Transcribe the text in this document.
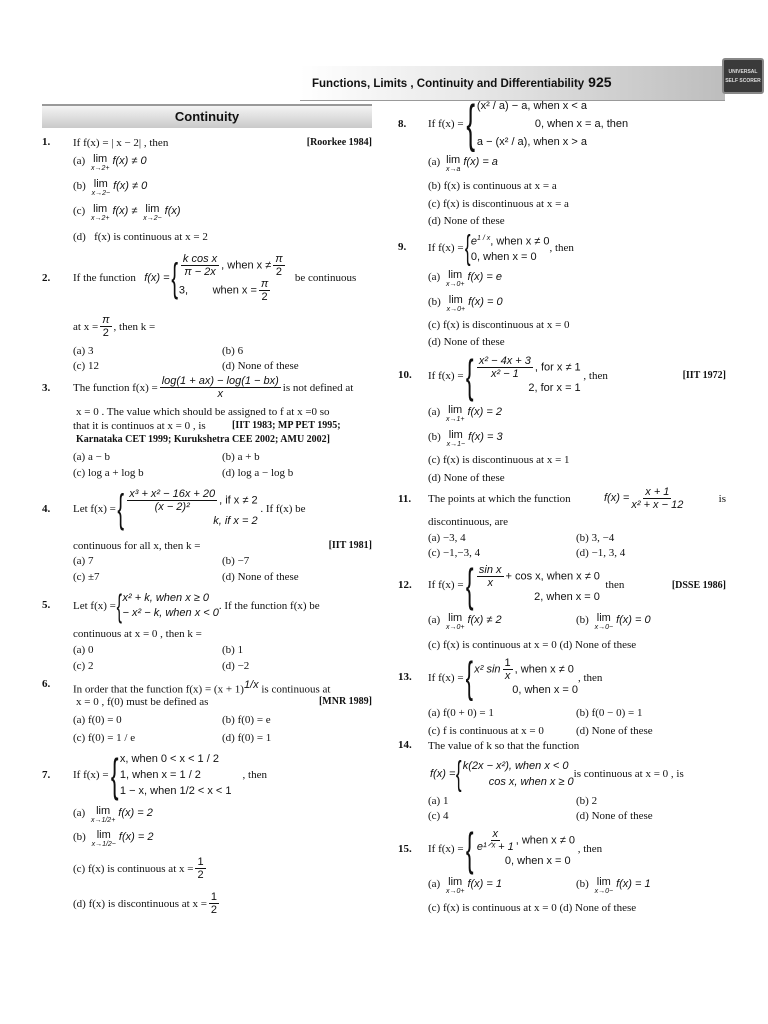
Functions, Limits , Continuity and Differentiability 925
UNIVERSAL
SELF SCORER
Continuity
1. If f(x) = | x − 2| , then	[Roorkee 1984]
(a) lim
x→2+
f(x) ≠ 0
(b) lim
x→2−
f(x) ≠ 0
(c) lim
x→2+
f(x) ≠ lim
x→2−
f(x)
(d) f(x) is continuous at x = 2
2. If the function
f(x) = { $\frac{\text{k cos x}}{\pi - 2x}$ , when $x \ne \frac{\pi}{2}$
3, when $x = \frac{\pi}{2}$
be continuous
at $x = \frac{\pi}{2}$ , then k =
(a) 3	(b) 6
(c) 12	(d) None of these
3. The function $f(x) = \frac{\log(1 + ax) - \log(1 - bx)}{x}$ is not defined at
x = 0 . The value which should be assigned to f at x =0 so
that it is continuos at x = 0 , is	[IIT 1983; MP PET 1995;
Karnataka CET 1999; Kurukshetra CEE 2002; AMU 2002]
(a) a − b	(b) a + b
(c) log a + log b	(d) log a − log b
4. Let f(x) = { $\frac{\text{x³ + x² − 16x + 20}}{\text{(x − 2)²}}$ , if x ≠ 2
k, if x = 2

. If f(x) be
continuous for all x, then k =	[IIT 1981]
(a) 7	(b) −7
(c) ±7	(d) None of these
5. Let f(x) = { x² + k, when x ≥ 0
− x² − k, when x < 0
. If the function f(x) be
continuous at x = 0 , then k =
(a) 0	(b) 1
(c) 2	(d) −2
6. In order that the function $f(x) = (x + 1)^{1/x}$ is continuous at
x = 0 , f(0) must be defined as	[MNR 1989]
(a) f(0) = 0	(b) f(0) = e
(c) f(0) = 1 / e	(d) f(0) = 1
7. If f(x) = { x, when 0 < x < 1 / 2
1, when x = 1 / 2
1 − x, when 1/2 < x < 1

, then
(a) lim
x→1/2+
f(x) = 2
(b) lim
x→1/2−
f(x) = 2
(c) f(x) is continuous at $x = \frac{1}{2}$
(d) f(x) is discontinuous at $x = \frac{1}{2}$
8. If f(x) = { (x² / a) − a, when x < a
0, when x = a, then
a − (x² / a), when x > a
(a) lim
x→a
f(x) = a
(b) f(x) is continuous at x = a
(c) f(x) is discontinuous at x = a
(d) None of these
9. If f(x) = { $e^{1 / x}$, when x ≠ 0
0, when x = 0
, then
(a) lim
x→0+
f(x) = e
(b) lim
x→0+
f(x) = 0
(c) f(x) is discontinuous at x = 0
(d) None of these
10. If f(x) = { $\frac{\text{x² − 4x + 3}}{\text{x² − 1}}$ , for x ≠ 1
2, for x = 1

, then	[IIT 1972]
(a) lim
x→1+
f(x) = 2
(b) lim
x→1−
f(x) = 3
(c) f(x) is discontinuous at x = 1
(d) None of these
11. The points at which the function	$f(x) = \frac{x + 1}{\text{x² + x − 12}}$	is
discontinuous, are
(a) −3, 4	(b) 3, −4
(c) −1,−3, 4	(d) −1, 3, 4
12. If f(x) = { $\frac{\text{sin x}}{x} + \cos x$, when x ≠ 0
2, when x = 0

then	[DSSE 1986]
(a) lim
x→0+
f(x) ≠ 2	(b) lim
x→0−
f(x) = 0
(c) f(x) is continuous at x = 0 (d) None of these
13. If f(x) = { x² $\sin \frac{1}{x}$ , when x ≠ 0
0, when x = 0
, then
(a) f(0 + 0) = 1	(b) f(0 − 0) = 1
(c) f is continuous at x = 0	(d) None of these
14. The value of k so that the function
f(x) = { k(2x − x²), when x < 0
cos x, when x ≥ 0
is continuous at x = 0 , is
(a) 1	(b) 2
(c) 4	(d) None of these
15. If f(x) = { $\frac{x}{\text{e¹ᐟˣ + 1}}$ , when x ≠ 0
0, when x = 0

, then
(a) lim
x→0+
f(x) = 1	(b) lim
x→0−
f(x) = 1
(c) f(x) is continuous at x = 0 (d) None of these
